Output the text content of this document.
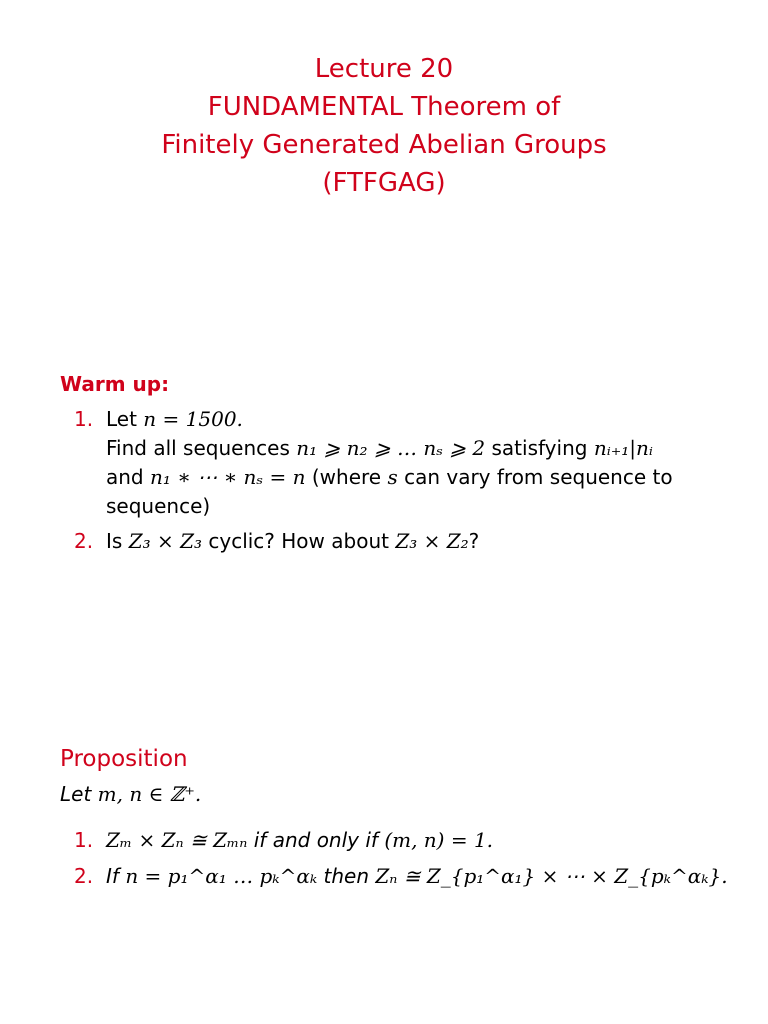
Lecture 20
FUNDAMENTAL Theorem of
Finitely Generated Abelian Groups
(FTFGAG)
Warm up:
1. Let n = 1500.
Find all sequences n₁ ⩾ n₂ ⩾ … nₛ ⩾ 2 satisfying nᵢ₊₁|nᵢ
and n₁ ∗ ⋯ ∗ nₛ = n (where s can vary from sequence to sequence)
2. Is Z₃ × Z₃ cyclic? How about Z₃ × Z₂?
Proposition
Let m, n ∈ ℤ⁺.
1. Zₘ × Zₙ ≅ Zₘₙ if and only if (m, n) = 1.
2. If n = p₁^α₁ … pₖ^αₖ then Zₙ ≅ Z_{p₁^α₁} × ⋯ × Z_{pₖ^αₖ}.
